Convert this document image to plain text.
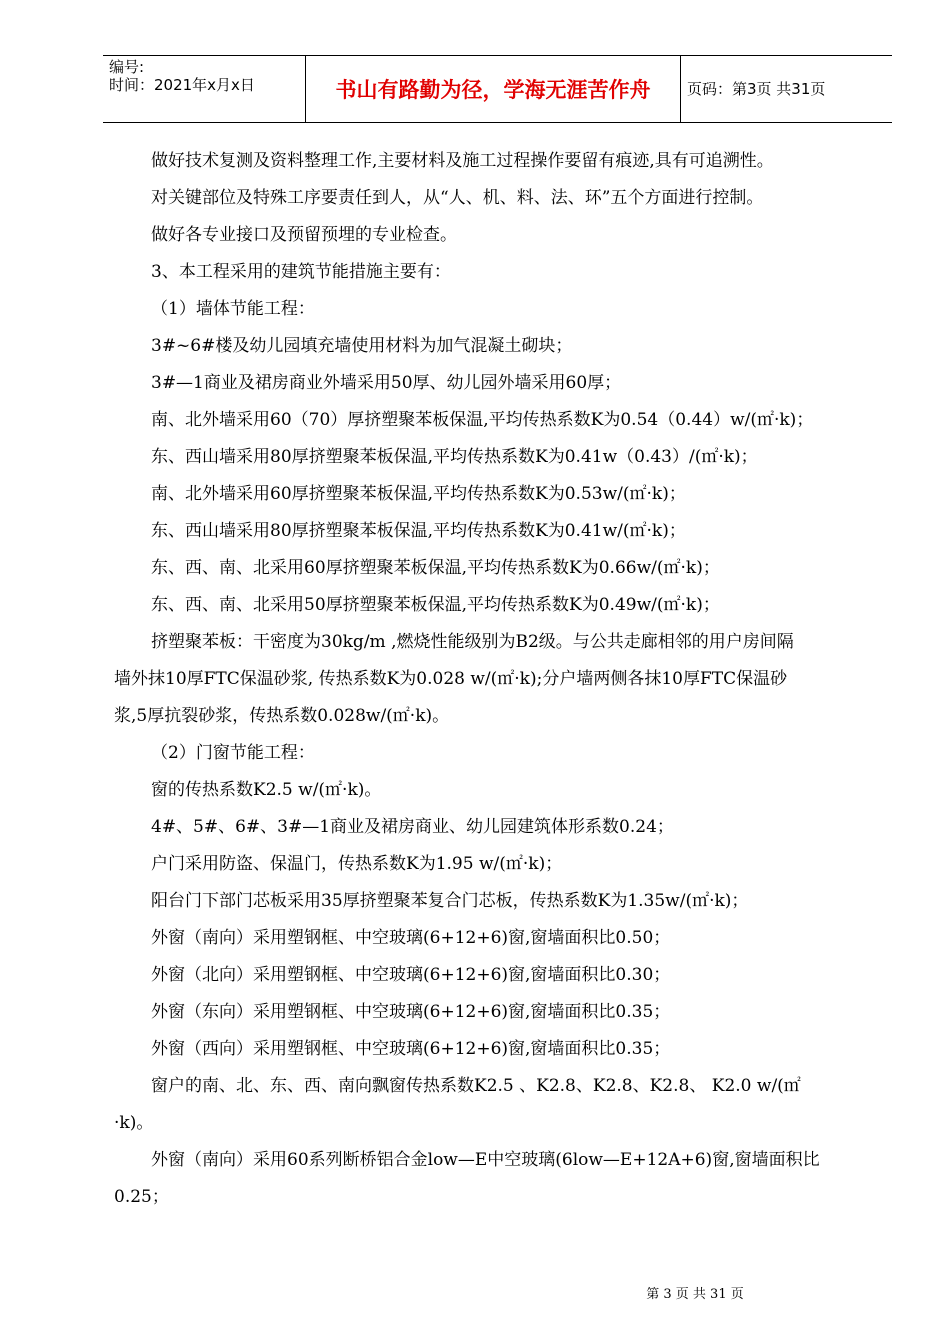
编号:
时间：2021年x月x日	书山有路勤为径，学海无涯苦作舟	页码：第3页 共31页
做好技术复测及资料整理工作,主要材料及施工过程操作要留有痕迹,具有可追溯性。
对关键部位及特殊工序要责任到人，从“人、机、料、法、环”五个方面进行控制。
做好各专业接口及预留预埋的专业检查。
3、本工程采用的建筑节能措施主要有：
（1）墙体节能工程：
3#~6#楼及幼儿园填充墙使用材料为加气混凝土砌块；
3#—1商业及裙房商业外墙采用50厚、幼儿园外墙采用60厚；
南、北外墙采用60（70）厚挤塑聚苯板保温,平均传热系数K为0.54（0.44）w/(㎡·k)；
东、西山墙采用80厚挤塑聚苯板保温,平均传热系数K为0.41w（0.43）/(㎡·k)；
南、北外墙采用60厚挤塑聚苯板保温,平均传热系数K为0.53w/(㎡·k)；
东、西山墙采用80厚挤塑聚苯板保温,平均传热系数K为0.41w/(㎡·k)；
东、西、南、北采用60厚挤塑聚苯板保温,平均传热系数K为0.66w/(㎡·k)；
东、西、南、北采用50厚挤塑聚苯板保温,平均传热系数K为0.49w/(㎡·k)；
挤塑聚苯板：干密度为30kg/m ,燃烧性能级别为B2级。与公共走廊相邻的用户房间隔
墙外抹10厚FTC保温砂浆, 传热系数K为0.028 w/(㎡·k);分户墙两侧各抹10厚FTC保温砂
浆,5厚抗裂砂浆，传热系数0.028w/(㎡·k)。
（2）门窗节能工程：
窗的传热系数K2.5 w/(㎡·k)。
4#、5#、6#、3#—1商业及裙房商业、幼儿园建筑体形系数0.24；
户门采用防盗、保温门，传热系数K为1.95 w/(㎡·k)；
阳台门下部门芯板采用35厚挤塑聚苯复合门芯板，传热系数K为1.35w/(㎡·k)；
外窗（南向）采用塑钢框、中空玻璃(6+12+6)窗,窗墙面积比0.50；
外窗（北向）采用塑钢框、中空玻璃(6+12+6)窗,窗墙面积比0.30；
外窗（东向）采用塑钢框、中空玻璃(6+12+6)窗,窗墙面积比0.35；
外窗（西向）采用塑钢框、中空玻璃(6+12+6)窗,窗墙面积比0.35；
窗户的南、北、东、西、南向飘窗传热系数K2.5 、K2.8、K2.8、K2.8、 K2.0 w/(㎡
·k)。
外窗（南向）采用60系列断桥铝合金low—E中空玻璃(6low—E+12A+6)窗,窗墙面积比
0.25；
第 3 页 共 31 页
